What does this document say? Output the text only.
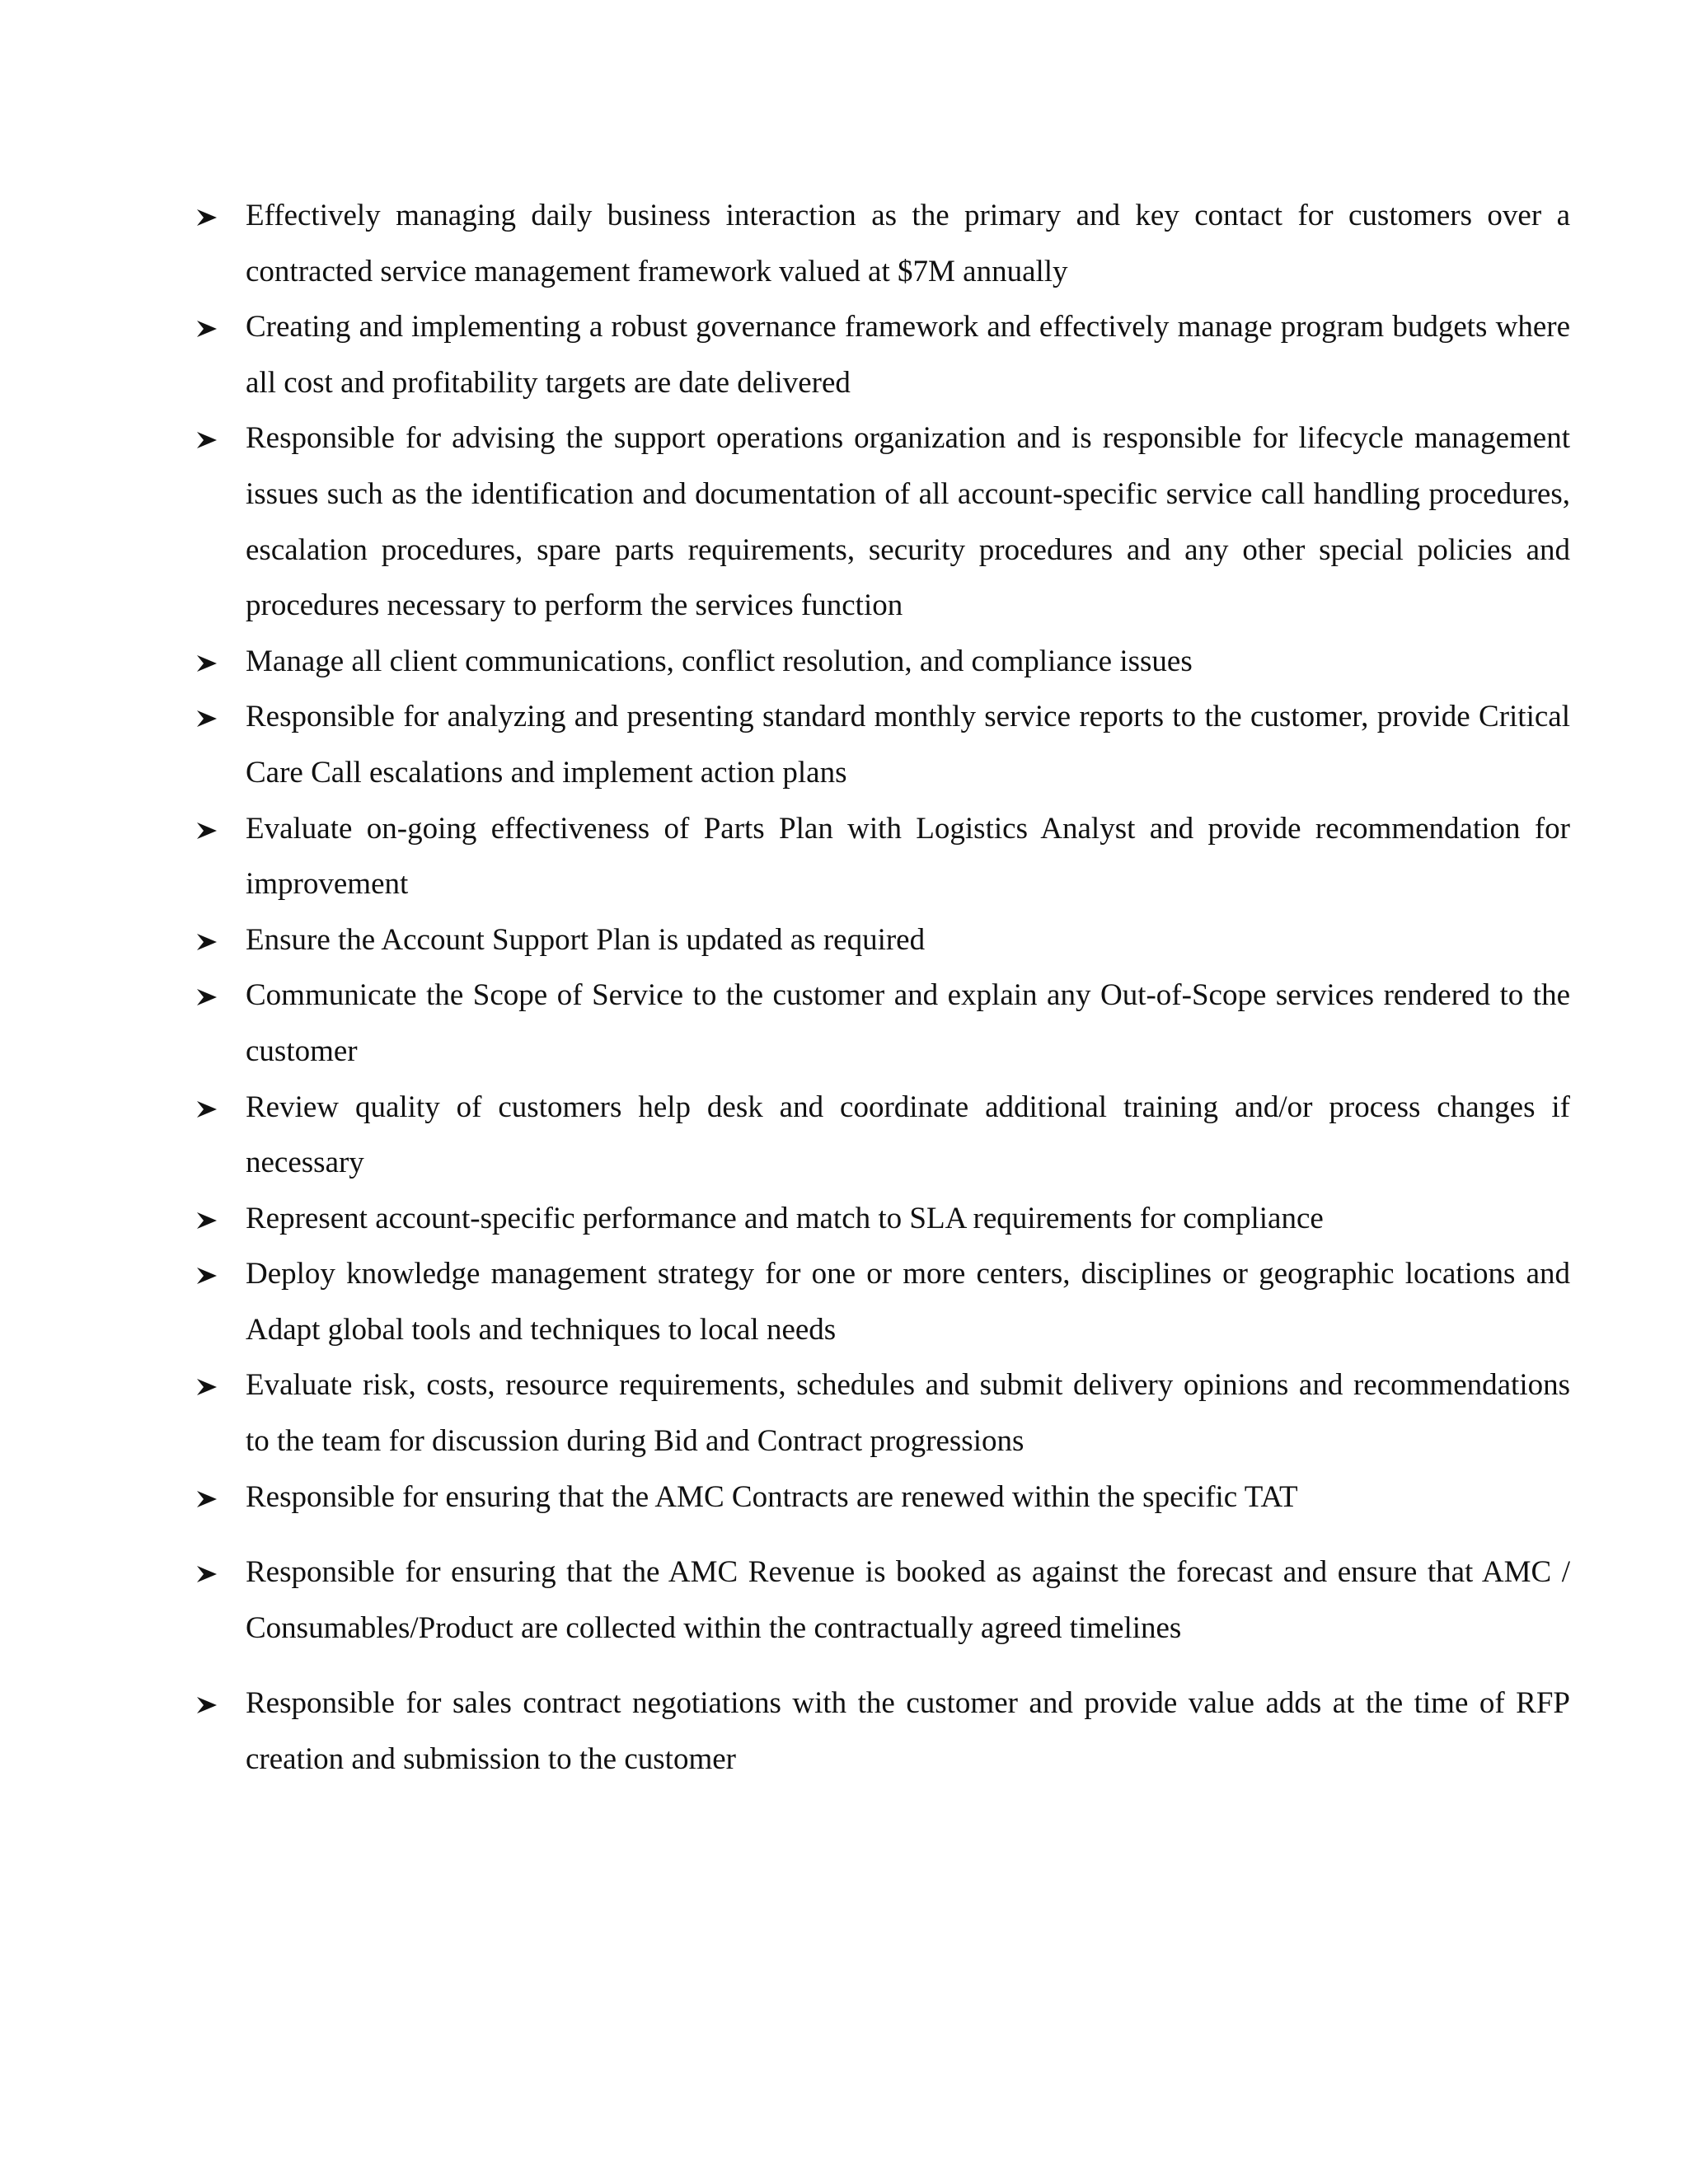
Effectively managing daily business interaction as the primary and key contact for customers over a contracted service management framework valued at $7M annually
Creating and implementing a robust governance framework and effectively manage program budgets where all cost and profitability targets are date delivered
Responsible for advising the support operations organization and is responsible for lifecycle management issues such as the identification and documentation of all account-specific service call handling procedures, escalation procedures, spare parts requirements, security procedures and any other special policies and procedures necessary to perform the services function
Manage all client communications, conflict resolution, and compliance issues
Responsible for analyzing and presenting standard monthly service reports to the customer, provide Critical Care Call escalations and implement action plans
Evaluate on-going effectiveness of Parts Plan with Logistics Analyst and provide recommendation for improvement
Ensure the Account Support Plan is updated as required
Communicate the Scope of Service to the customer and explain any Out-of-Scope services rendered to the customer
Review quality of customers help desk and coordinate additional training and/or process changes if necessary
Represent account-specific performance and match to SLA requirements for compliance
Deploy knowledge management strategy for one or more centers, disciplines or geographic locations and Adapt global tools and techniques to local needs
Evaluate risk, costs, resource requirements, schedules and submit delivery opinions and recommendations to the team for discussion during Bid and Contract progressions
Responsible for ensuring that the AMC Contracts are renewed within the specific TAT
Responsible for ensuring that the AMC Revenue is booked as against the forecast and ensure that AMC / Consumables/Product are collected within the contractually agreed timelines
Responsible for sales contract negotiations with the customer and provide value adds at the time of RFP creation and submission to the customer
